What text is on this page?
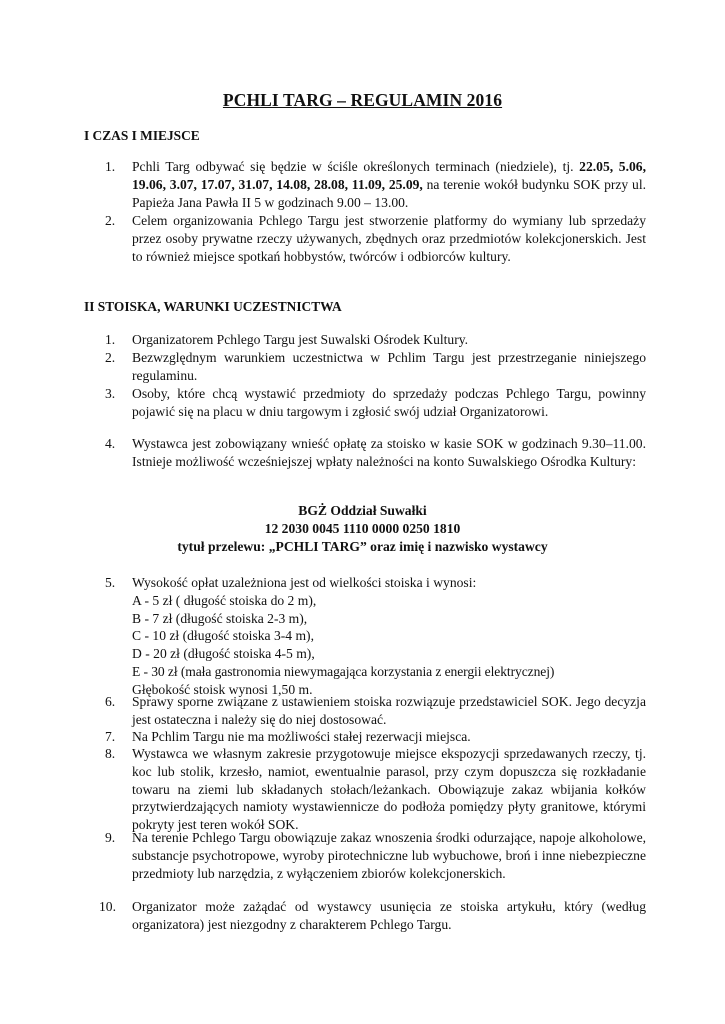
PCHLI TARG – REGULAMIN 2016
I CZAS I MIEJSCE
1.	Pchli Targ odbywać się będzie w ściśle określonych terminach (niedziele), tj. 22.05, 5.06, 19.06, 3.07, 17.07, 31.07, 14.08, 28.08, 11.09, 25.09, na terenie wokół budynku SOK przy ul. Papieża Jana Pawła II 5 w godzinach 9.00 – 13.00.
2.	Celem organizowania Pchlego Targu jest stworzenie platformy do wymiany lub sprzedaży przez osoby prywatne rzeczy używanych, zbędnych oraz przedmiotów kolekcjonerskich. Jest to również miejsce spotkań hobbystów, twórców i odbiorców kultury.
II STOISKA, WARUNKI UCZESTNICTWA
1.	Organizatorem Pchlego Targu jest Suwalski Ośrodek Kultury.
2.	Bezwzględnym warunkiem uczestnictwa w Pchlim Targu jest przestrzeganie niniejszego regulaminu.
3.	Osoby, które chcą wystawić przedmioty do sprzedaży podczas Pchlego Targu, powinny pojawić się na placu w dniu targowym i zgłosić swój udział Organizatorowi.
4.	Wystawca jest zobowiązany wnieść opłatę za stoisko w kasie SOK w godzinach 9.30–11.00. Istnieje możliwość wcześniejszej wpłaty należności na konto Suwalskiego Ośrodka Kultury:
BGŻ Oddział Suwałki
12 2030 0045 1110 0000 0250 1810
tytuł przelewu: „PCHLI TARG” oraz imię i nazwisko wystawcy
5.	Wysokość opłat uzależniona jest od wielkości stoiska i wynosi:
A - 5 zł ( długość stoiska do 2 m),
B - 7 zł (długość stoiska 2-3 m),
C - 10 zł (długość stoiska 3-4 m),
D - 20 zł (długość stoiska 4-5 m),
E - 30 zł (mała gastronomia niewymagająca korzystania z energii elektrycznej)
Głębokość stoisk wynosi 1,50 m.
6.	Sprawy sporne związane z ustawieniem stoiska rozwiązuje przedstawiciel SOK. Jego decyzja jest ostateczna i należy się do niej dostosować.
7.	Na Pchlim Targu nie ma możliwości stałej rezerwacji miejsca.
8.	Wystawca we własnym zakresie przygotowuje miejsce ekspozycji sprzedawanych rzeczy, tj. koc lub stolik, krzesło, namiot, ewentualnie parasol, przy czym dopuszcza się rozkładanie towaru na ziemi lub składanych stołach/leżankach. Obowiązuje zakaz wbijania kołków przytwierdzających namioty wystawiennicze do podłoża pomiędzy płyty granitowe, którymi pokryty jest teren wokół SOK.
9.	Na terenie Pchlego Targu obowiązuje zakaz wnoszenia środki odurzające, napoje alkoholowe, substancje psychotropowe, wyroby pirotechniczne lub wybuchowe, broń i inne niebezpieczne przedmioty lub narzędzia, z wyłączeniem zbiorów kolekcjonerskich.
10.	Organizator może zażądać od wystawcy usunięcia ze stoiska artykułu, który (według organizatora) jest niezgodny z charakterem Pchlego Targu.
